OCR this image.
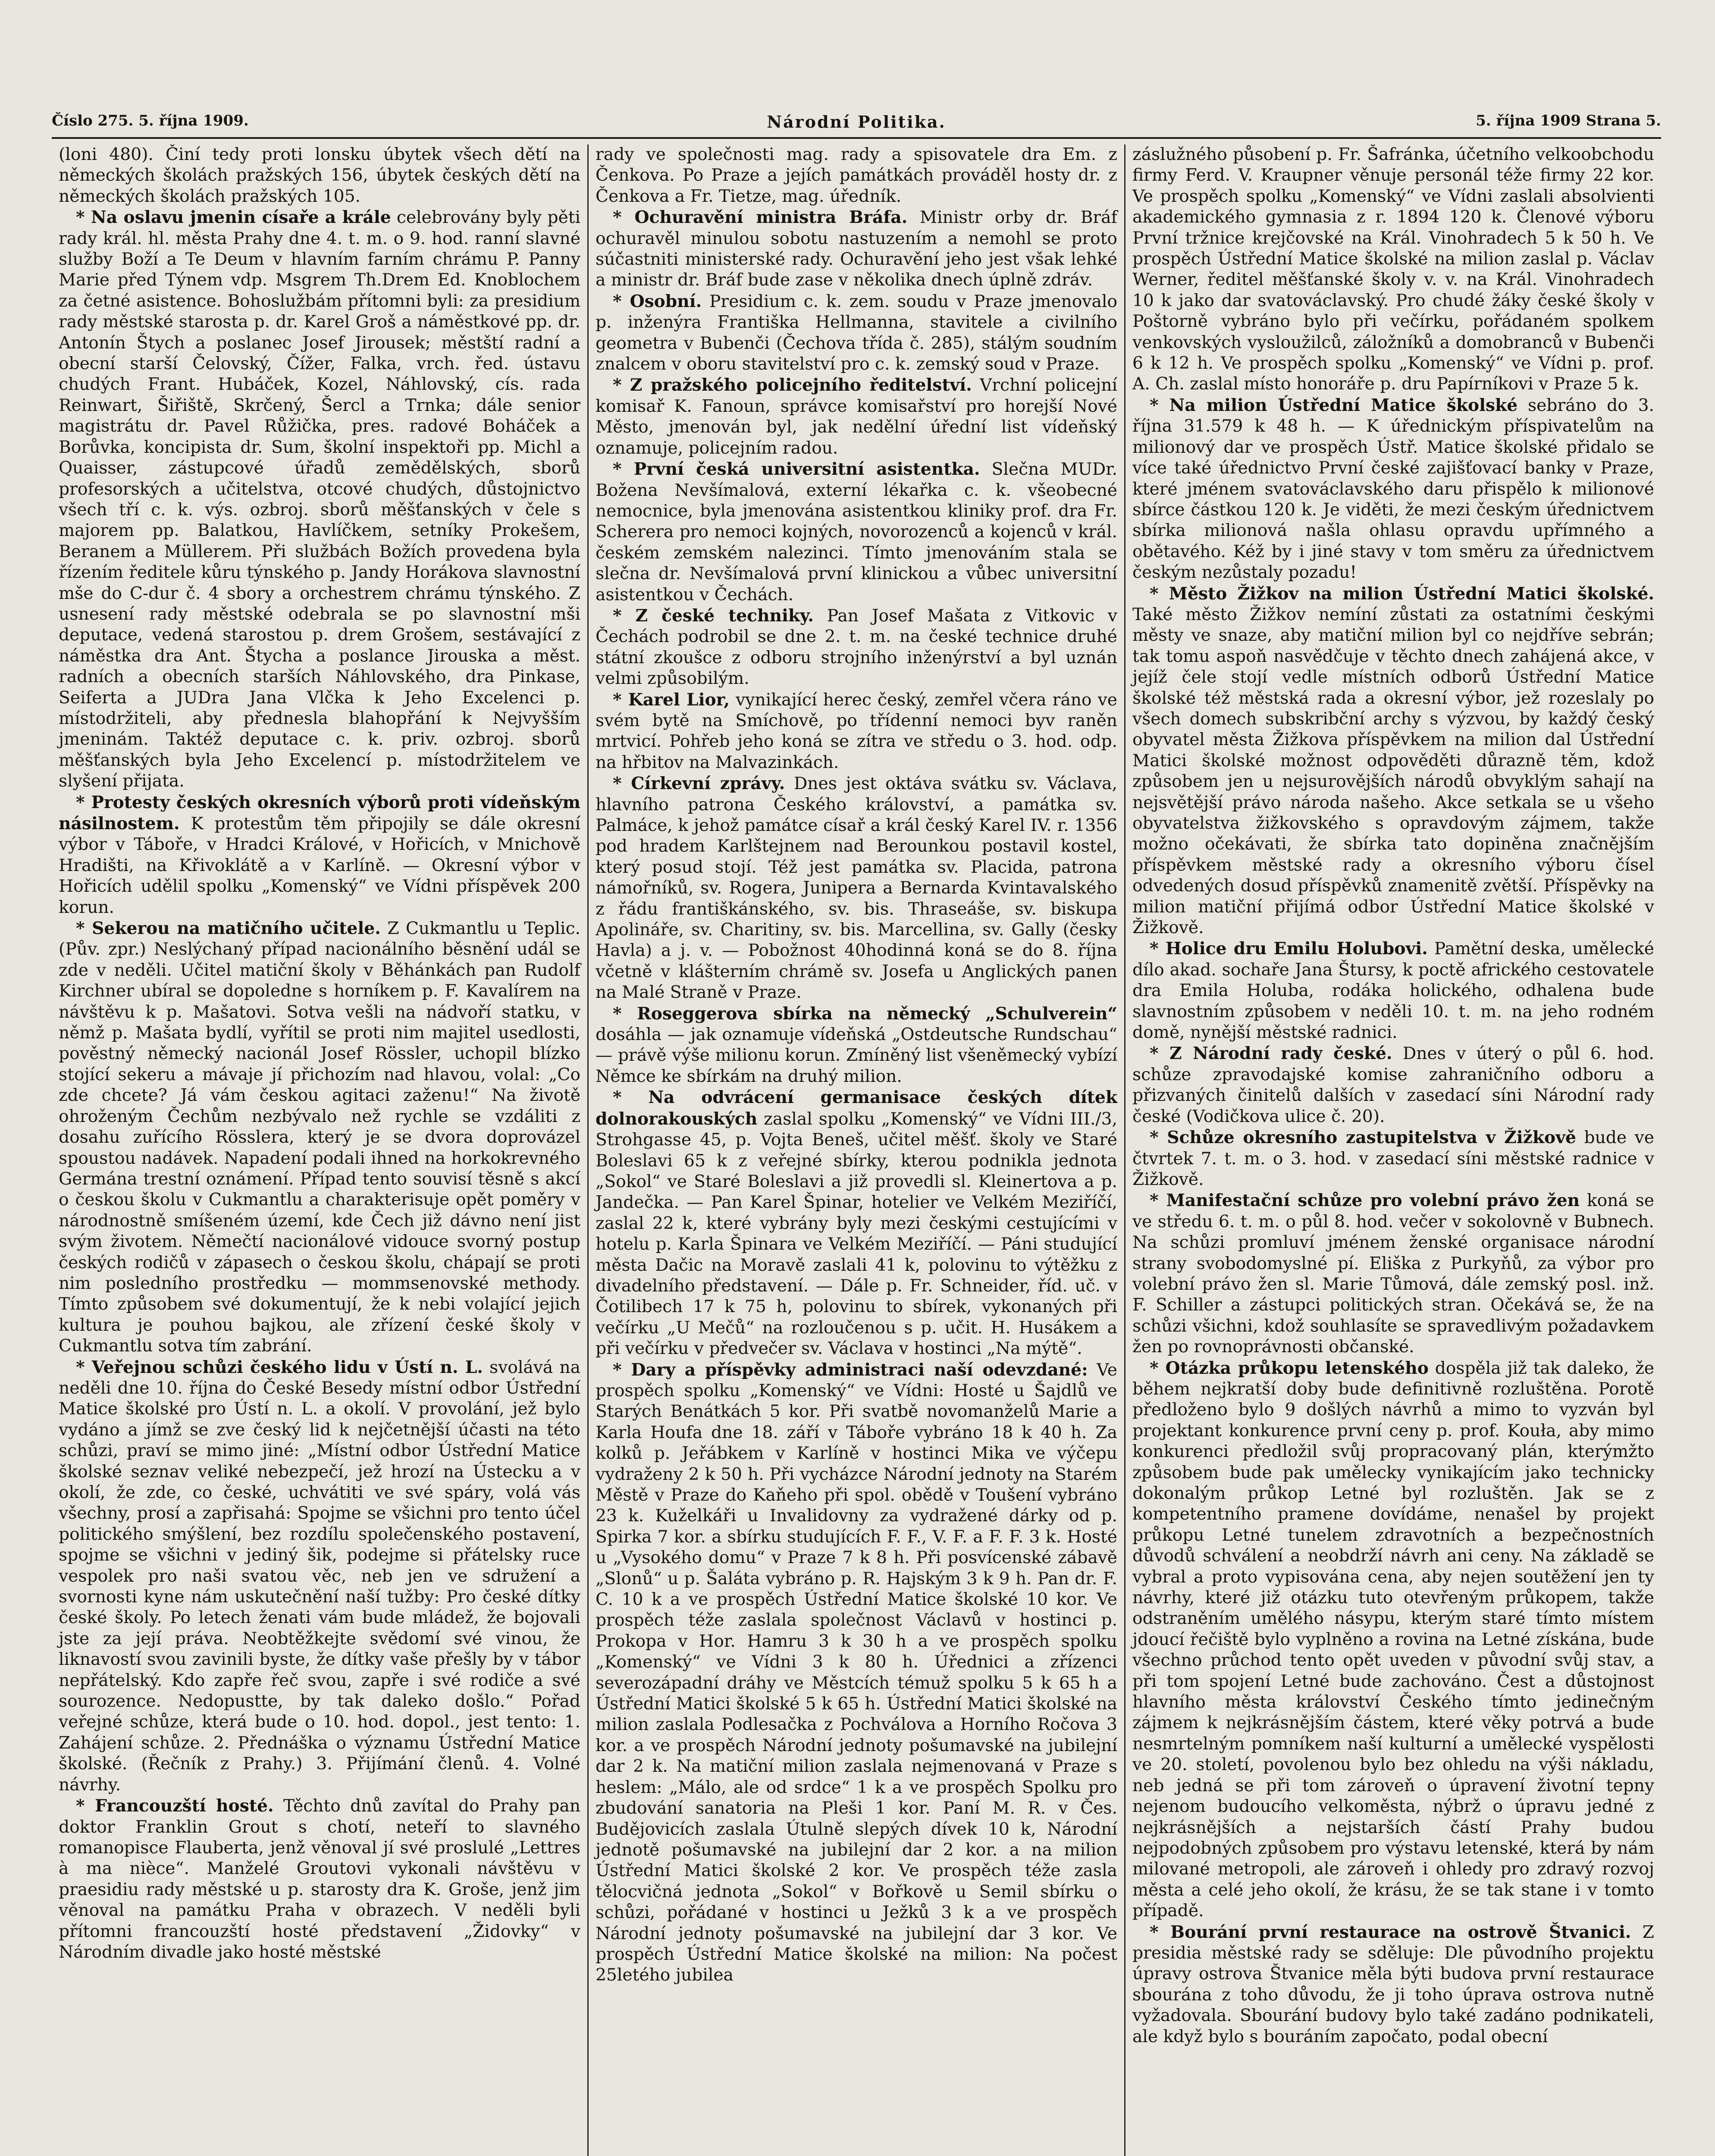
Číslo 275. 5. října 1909.	Národní Politika.	5. října 1909 Strana 5.

(loni 480). Činí tedy proti lonsku úbytek všech dětí na německých školách pražských 156, úbytek českých dětí na německých školách pražských 105.

* Na oslavu jmenin císaře a krále celebrovány byly pěti rady král. hl. města Prahy dne 4. t. m. o 9. hod. ranní slavné služby Boží a Te Deum v hlavním farním chrámu P. Panny Marie před Týnem vdp. Msgrem Th.Drem Ed. Knoblochem za četné asistence. Bohoslužbám přítomni byli: za presidium rady městské starosta p. dr. Karel Groš a náměstkové pp. dr. Antonín Štych a poslanec Josef Jirousek; městští radní a obecní starší Čelovský, Čížer, Falka, vrch. řed. ústavu chudých Frant. Hubáček, Kozel, Náhlovský, cís. rada Reinwart, Šiřiště, Skrčený, Šercl a Trnka; dále senior magistrátu dr. Pavel Růžička, pres. radové Boháček a Borůvka, koncipista dr. Sum, školní inspektoři pp. Michl a Quaisser, zástupcové úřadů zemědělských, sborů profesorských a učitelstva, otcové chudých, důstojnictvo všech tří c. k. výs. ozbroj. sborů měšťanských v čele s majorem pp. Balatkou, Havlíčkem, setníky Prokešem, Beranem a Müllerem. Při službách Božích provedena byla řízením ředitele kůru týnského p. Jandy Horákova slavnostní mše do C-dur č. 4 sbory a orchestrem chrámu týnského. Z usnesení rady městské odebrala se po slavnostní mši deputace, vedená starostou p. drem Grošem, sestávající z náměstka dra Ant. Štycha a poslance Jirouska a měst. radních a obecních starších Náhlovského, dra Pinkase, Seiferta a JUDra Jana Vlčka k Jeho Excelenci p. místodržiteli, aby přednesla blahopřání k Nejvyšším jmeninám. Taktéž deputace c. k. priv. ozbroj. sborů měšťanských byla Jeho Excelencí p. místodržitelem ve slyšení přijata.

* Protesty českých okresních výborů proti vídeňským násilnostem. K protestům těm připojily se dále okresní výbor v Táboře, v Hradci Králové, v Hořicích, v Mnichově Hradišti, na Křivoklátě a v Karlíně. — Okresní výbor v Hořicích udělil spolku „Komenský“ ve Vídni příspěvek 200 korun.

* Sekerou na matičního učitele. Z Cukmantlu u Teplic. (Pův. zpr.) Neslýchaný případ nacionálního běsnění udál se zde v neděli. Učitel matiční školy v Běhánkách pan Rudolf Kirchner ubíral se dopoledne s horníkem p. F. Kavalírem na návštěvu k p. Mašatovi. Sotva vešli na nádvoří statku, v němž p. Mašata bydlí, vyřítil se proti nim majitel usedlosti, pověstný německý nacionál Josef Rössler, uchopil blízko stojící sekeru a mávaje jí přichozím nad hlavou, volal: „Co zde chcete? Já vám českou agitaci zaženu!“ Na životě ohroženým Čechům nezbývalo než rychle se vzdáliti z dosahu zuřícího Rösslera, který je se dvora doprovázel spoustou nadávek. Napadení podali ihned na horkokrevného Germána trestní oznámení. Případ tento souvisí těsně s akcí o českou školu v Cukmantlu a charakterisuje opět poměry v národnostně smíšeném území, kde Čech již dávno není jist svým životem. Němečtí nacionálové vidouce svorný postup českých rodičů v zápasech o českou školu, chápají se proti nim posledního prostředku — mommsenovské methody. Tímto způsobem své dokumentují, že k nebi volající jejich kultura je pouhou bajkou, ale zřízení české školy v Cukmantlu sotva tím zabrání.

* Veřejnou schůzi českého lidu v Ústí n. L. svolává na neděli dne 10. října do České Besedy místní odbor Ústřední Matice školské pro Ústí n. L. a okolí. V provolání, jež bylo vydáno a jímž se zve český lid k nejčetnější účasti na této schůzi, praví se mimo jiné: „Místní odbor Ústřední Matice školské seznav veliké nebezpečí, jež hrozí na Ústecku a v okolí, že zde, co české, uchvátiti ve své spáry, volá vás všechny, prosí a zapřisahá: Spojme se všichni pro tento účel politického smýšlení, bez rozdílu společenského postavení, spojme se všichni v jediný šik, podejme si přátelsky ruce vespolek pro naši svatou věc, neb jen ve sdružení a svornosti kyne nám uskutečnění naší tužby: Pro české dítky české školy. Po letech ženati vám bude mládež, že bojovali jste za její práva. Neobtěžkejte svědomí své vinou, že liknavostí svou zavinili byste, že dítky vaše přešly by v tábor nepřátelský. Kdo zapře řeč svou, zapře i své rodiče a své sourozence. Nedopustte, by tak daleko došlo.“ Pořad veřejné schůze, která bude o 10. hod. dopol., jest tento: 1. Zahájení schůze. 2. Přednáška o významu Ústřední Matice školské. (Řečník z Prahy.) 3. Přijímání členů. 4. Volné návrhy.

* Francouzští hosté. Těchto dnů zavítal do Prahy pan doktor Franklin Grout s chotí, neteří to slavného romanopisce Flauberta, jenž věnoval jí své proslulé „Lettres à ma nièce“. Manželé Groutovi vykonali návštěvu v praesidiu rady městské u p. starosty dra K. Groše, jenž jim věnoval na památku Praha v obrazech. V neděli byli přítomni francouzští hosté představení „Židovky“ v Národním divadle jako hosté městské

rady ve společnosti mag. rady a spisovatele dra Em. z Čenkova. Po Praze a jejích památkách prováděl hosty dr. z Čenkova a Fr. Tietze, mag. úředník.

* Ochuravění ministra Bráfa. Ministr orby dr. Bráf ochuravěl minulou sobotu nastuzením a nemohl se proto súčastniti ministerské rady. Ochuravění jeho jest však lehké a ministr dr. Bráf bude zase v několika dnech úplně zdráv.

* Osobní. Presidium c. k. zem. soudu v Praze jmenovalo p. inženýra Františka Hellmanna, stavitele a civilního geometra v Bubenči (Čechova třída č. 285), stálým soudním znalcem v oboru stavitelství pro c. k. zemský soud v Praze.

* Z pražského policejního ředitelství. Vrchní policejní komisař K. Fanoun, správce komisařství pro horejší Nové Město, jmenován byl, jak nedělní úřední list vídeňský oznamuje, policejním radou.

* První česká universitní asistentka. Slečna MUDr. Božena Nevšímalová, externí lékařka c. k. všeobecné nemocnice, byla jmenována asistentkou kliniky prof. dra Fr. Scherera pro nemoci kojných, novorozenců a kojenců v král. českém zemském nalezinci. Tímto jmenováním stala se slečna dr. Nevšímalová první klinickou a vůbec universitní asistentkou v Čechách.

* Z české techniky. Pan Josef Mašata z Vitkovic v Čechách podrobil se dne 2. t. m. na české technice druhé státní zkoušce z odboru strojního inženýrství a byl uznán velmi způsobilým.

* Karel Lior, vynikající herec český, zemřel včera ráno ve svém bytě na Smíchově, po třídenní nemoci byv raněn mrtvicí. Pohřeb jeho koná se zítra ve středu o 3. hod. odp. na hřbitov na Malvazinkách.

* Církevní zprávy. Dnes jest oktáva svátku sv. Václava, hlavního patrona Českého království, a památka sv. Palmáce, k jehož památce císař a král český Karel IV. r. 1356 pod hradem Karlštejnem nad Berounkou postavil kostel, který posud stojí. Též jest památka sv. Placida, patrona námořníků, sv. Rogera, Junipera a Bernarda Kvintavalského z řádu františkánského, sv. bis. Thraseáše, sv. biskupa Apolináře, sv. Charitiny, sv. bis. Marcellina, sv. Gally (česky Havla) a j. v. — Pobožnost 40hodinná koná se do 8. října včetně v klášterním chrámě sv. Josefa u Anglických panen na Malé Straně v Praze.

* Roseggerova sbírka na německý „Schulverein“ dosáhla — jak oznamuje vídeňská „Ostdeutsche Rundschau“ — právě výše milionu korun. Zmíněný list všeněmecký vybízí Němce ke sbírkám na druhý milion.

* Na odvrácení germanisace českých dítek dolnorakouských zaslal spolku „Komenský“ ve Vídni III./3, Strohgasse 45, p. Vojta Beneš, učitel měšť. školy ve Staré Boleslavi 65 k z veřejné sbírky, kterou podnikla jednota „Sokol“ ve Staré Boleslavi a již provedli sl. Kleinertova a p. Jandečka. — Pan Karel Špinar, hotelier ve Velkém Meziříčí, zaslal 22 k, které vybrány byly mezi českými cestujícími v hotelu p. Karla Špinara ve Velkém Meziříčí. — Páni studující města Dačic na Moravě zaslali 41 k, polovinu to výtěžku z divadelního představení. — Dále p. Fr. Schneider, říd. uč. v Čotilibech 17 k 75 h, polovinu to sbírek, vykonaných při večírku „U Mečů“ na rozloučenou s p. učit. H. Husákem a při večírku v předvečer sv. Václava v hostinci „Na mýtě“.

* Dary a příspěvky administraci naší odevzdané: Ve prospěch spolku „Komenský“ ve Vídni: Hosté u Šajdlů ve Starých Benátkách 5 kor. Při svatbě novomanželů Marie a Karla Houfa dne 18. září v Táboře vybráno 18 k 40 h. Za kolků p. Jeřábkem v Karlíně v hostinci Mika ve výčepu vydraženy 2 k 50 h. Při vycházce Národní jednoty na Starém Městě v Praze do Kaňeho při spol. obědě v Toušení vybráno 23 k. Kuželkáři u Invalidovny za vydražené dárky od p. Spirka 7 kor. a sbírku studujících F. F., V. F. a F. F. 3 k. Hosté u „Vysokého domu“ v Praze 7 k 8 h. Při posvícenské zábavě „Slonů“ u p. Šaláta vybráno p. R. Hajským 3 k 9 h. Pan dr. F. C. 10 k a ve prospěch Ústřední Matice školské 10 kor. Ve prospěch téže zaslala společnost Václavů v hostinci p. Prokopa v Hor. Hamru 3 k 30 h a ve prospěch spolku „Komenský“ ve Vídni 3 k 80 h. Úřednici a zřízenci severozápadní dráhy ve Městcích témuž spolku 5 k 65 h a Ústřední Matici školské 5 k 65 h. Ústřední Matici školské na milion zaslala Podlesačka z Pochválova a Horního Ročova 3 kor. a ve prospěch Národní jednoty pošumavské na jubilejní dar 2 k. Na matiční milion zaslala nejmenovaná v Praze s heslem: „Málo, ale od srdce“ 1 k a ve prospěch Spolku pro zbudování sanatoria na Pleši 1 kor. Paní M. R. v Čes. Budějovicích zaslala Útulně slepých dívek 10 k, Národní jednotě pošumavské na jubilejní dar 2 kor. a na milion Ústřední Matici školské 2 kor. Ve prospěch téže zasla tělocvičná jednota „Sokol“ v Bořkově u Semil sbírku o schůzi, pořádané v hostinci u Ježků 3 k a ve prospěch Národní jednoty pošumavské na jubilejní dar 3 kor. Ve prospěch Ústřední Matice školské na milion: Na počest 25letého jubilea

záslužného působení p. Fr. Šafránka, účetního velkoobchodu firmy Ferd. V. Kraupner věnuje personál téže firmy 22 kor. Ve prospěch spolku „Komenský“ ve Vídni zaslali absolvienti akademického gymnasia z r. 1894 120 k. Členové výboru První tržnice krejčovské na Král. Vinohradech 5 k 50 h. Ve prospěch Ústřední Matice školské na milion zaslal p. Václav Werner, ředitel měšťanské školy v. v. na Král. Vinohradech 10 k jako dar svatováclavský. Pro chudé žáky české školy v Poštorně vybráno bylo při večírku, pořádaném spolkem venkovských vysloužilců, záložníků a domobranců v Bubenči 6 k 12 h. Ve prospěch spolku „Komenský“ ve Vídni p. prof. A. Ch. zaslal místo honoráře p. dru Papírníkovi v Praze 5 k.

* Na milion Ústřední Matice školské sebráno do 3. října 31.579 k 48 h. — K úřednickým příspivatelům na milionový dar ve prospěch Ústř. Matice školské přidalo se více také úřednictvo První české zajišťovací banky v Praze, které jménem svatováclavského daru přispělo k milionové sbírce částkou 120 k. Je viděti, že mezi českým úřednictvem sbírka milionová našla ohlasu opravdu upřímného a obětavého. Kéž by i jiné stavy v tom směru za úřednictvem českým nezůstaly pozadu!

* Město Žižkov na milion Ústřední Matici školské. Také město Žižkov nemíní zůstati za ostatními českými městy ve snaze, aby matiční milion byl co nejdříve sebrán; tak tomu aspoň nasvědčuje v těchto dnech zahájená akce, v jejíž čele stojí vedle místních odborů Ústřední Matice školské též městská rada a okresní výbor, jež rozeslaly po všech domech subskribční archy s výzvou, by každý český obyvatel města Žižkova příspěvkem na milion dal Ústřední Matici školské možnost odpověděti důrazně těm, kdož způsobem jen u nejsurovějších národů obvyklým sahají na nejsvětější právo národa našeho. Akce setkala se u všeho obyvatelstva žižkovského s opravdovým zájmem, takže možno očekávati, že sbírka tato dopiněna značnějším příspěvkem městské rady a okresního výboru čísel odvedených dosud příspěvků znamenitě zvětší. Příspěvky na milion matiční přijímá odbor Ústřední Matice školské v Žižkově.

* Holice dru Emilu Holubovi. Pamětní deska, umělecké dílo akad. sochaře Jana Štursy, k poctě afrického cestovatele dra Emila Holuba, rodáka holického, odhalena bude slavnostním způsobem v neděli 10. t. m. na jeho rodném domě, nynější městské radnici.

* Z Národní rady české. Dnes v úterý o půl 6. hod. schůze zpravodajské komise zahraničního odboru a přizvaných činitelů dalších v zasedací síni Národní rady české (Vodičkova ulice č. 20).

* Schůze okresního zastupitelstva v Žižkově bude ve čtvrtek 7. t. m. o 3. hod. v zasedací síni městské radnice v Žižkově.

* Manifestační schůze pro volební právo žen koná se ve středu 6. t. m. o půl 8. hod. večer v sokolovně v Bubnech. Na schůzi promluví jménem ženské organisace národní strany svobodomyslné pí. Eliška z Purkyňů, za výbor pro volební právo žen sl. Marie Tůmová, dále zemský posl. inž. F. Schiller a zástupci politických stran. Očekává se, že na schůzi všichni, kdož souhlasíte se spravedlivým požadavkem žen po rovnoprávnosti občanské.

* Otázka průkopu letenského dospěla již tak daleko, že během nejkratší doby bude definitivně rozluštěna. Porotě předloženo bylo 9 došlých návrhů a mimo to vyzván byl projektant konkurence první ceny p. prof. Kouła, aby mimo konkurenci předložil svůj propracovaný plán, kterýmžto způsobem bude pak umělecky vynikajícím jako technicky dokonalým průkop Letné byl rozluštěn. Jak se z kompetentního pramene dovídáme, nenašel by projekt průkopu Letné tunelem zdravotních a bezpečnostních důvodů schválení a neobdrží návrh ani ceny. Na základě se vybral a proto vypisována cena, aby nejen soutěžení jen ty návrhy, které již otázku tuto otevřeným průkopem, takže odstraněním umělého násypu, kterým staré tímto místem jdoucí řečiště bylo vyplněno a rovina na Letné získána, bude všechno průchod tento opět uveden v původní svůj stav, a při tom spojení Letné bude zachováno. Čest a důstojnost hlavního města království Českého tímto jedinečným zájmem k nejkrásnějším částem, které věky potrvá a bude nesmrtelným pomníkem naší kulturní a umělecké vyspělosti ve 20. století, povolenou bylo bez ohledu na výši nákladu, neb jedná se při tom zároveň o úpravení životní tepny nejenom budoucího velkoměsta, nýbrž o úpravu jedné z nejkrásnějších a nejstarších částí Prahy budou nejpodobných způsobem pro výstavu letenské, která by nám milované metropoli, ale zároveň i ohledy pro zdravý rozvoj města a celé jeho okolí, že krásu, že se tak stane i v tomto případě.

* Bourání první restaurace na ostrově Štvanici. Z presidia městské rady se sděluje: Dle původního projektu úpravy ostrova Štvanice měla býti budova první restaurace sbourána z toho důvodu, že ji toho úprava ostrova nutně vyžadovala. Sbourání budovy bylo také zadáno podnikateli, ale když bylo s bouráním započato, podal obecní
